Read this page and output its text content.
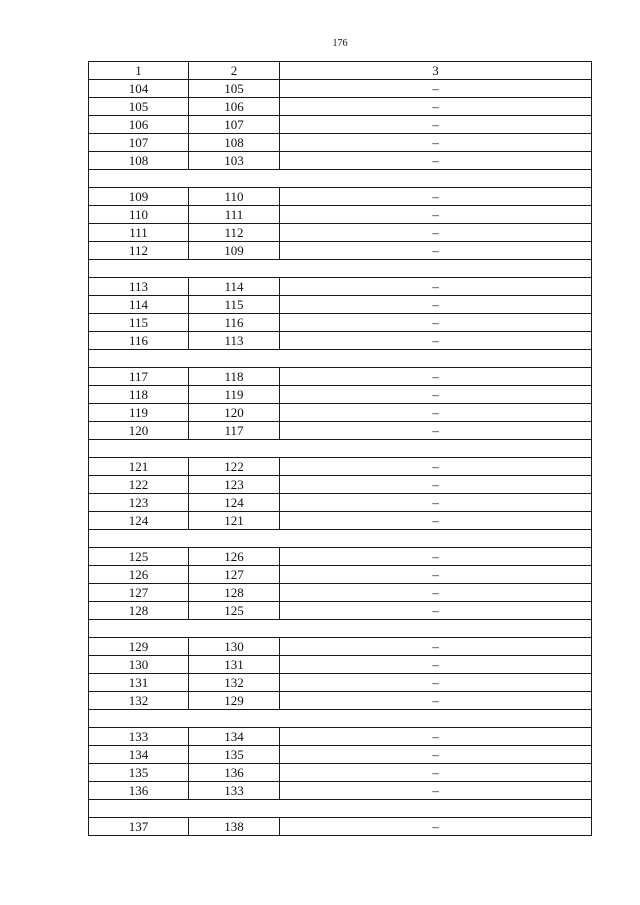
176
1	2	3
104	105	–
105	106	–
106	107	–
107	108	–
108	103	–

109	110	–
110	111	–
111	112	–
112	109	–

113	114	–
114	115	–
115	116	–
116	113	–

117	118	–
118	119	–
119	120	–
120	117	–

121	122	–
122	123	–
123	124	–
124	121	–

125	126	–
126	127	–
127	128	–
128	125	–

129	130	–
130	131	–
131	132	–
132	129	–

133	134	–
134	135	–
135	136	–
136	133	–

137	138	–
